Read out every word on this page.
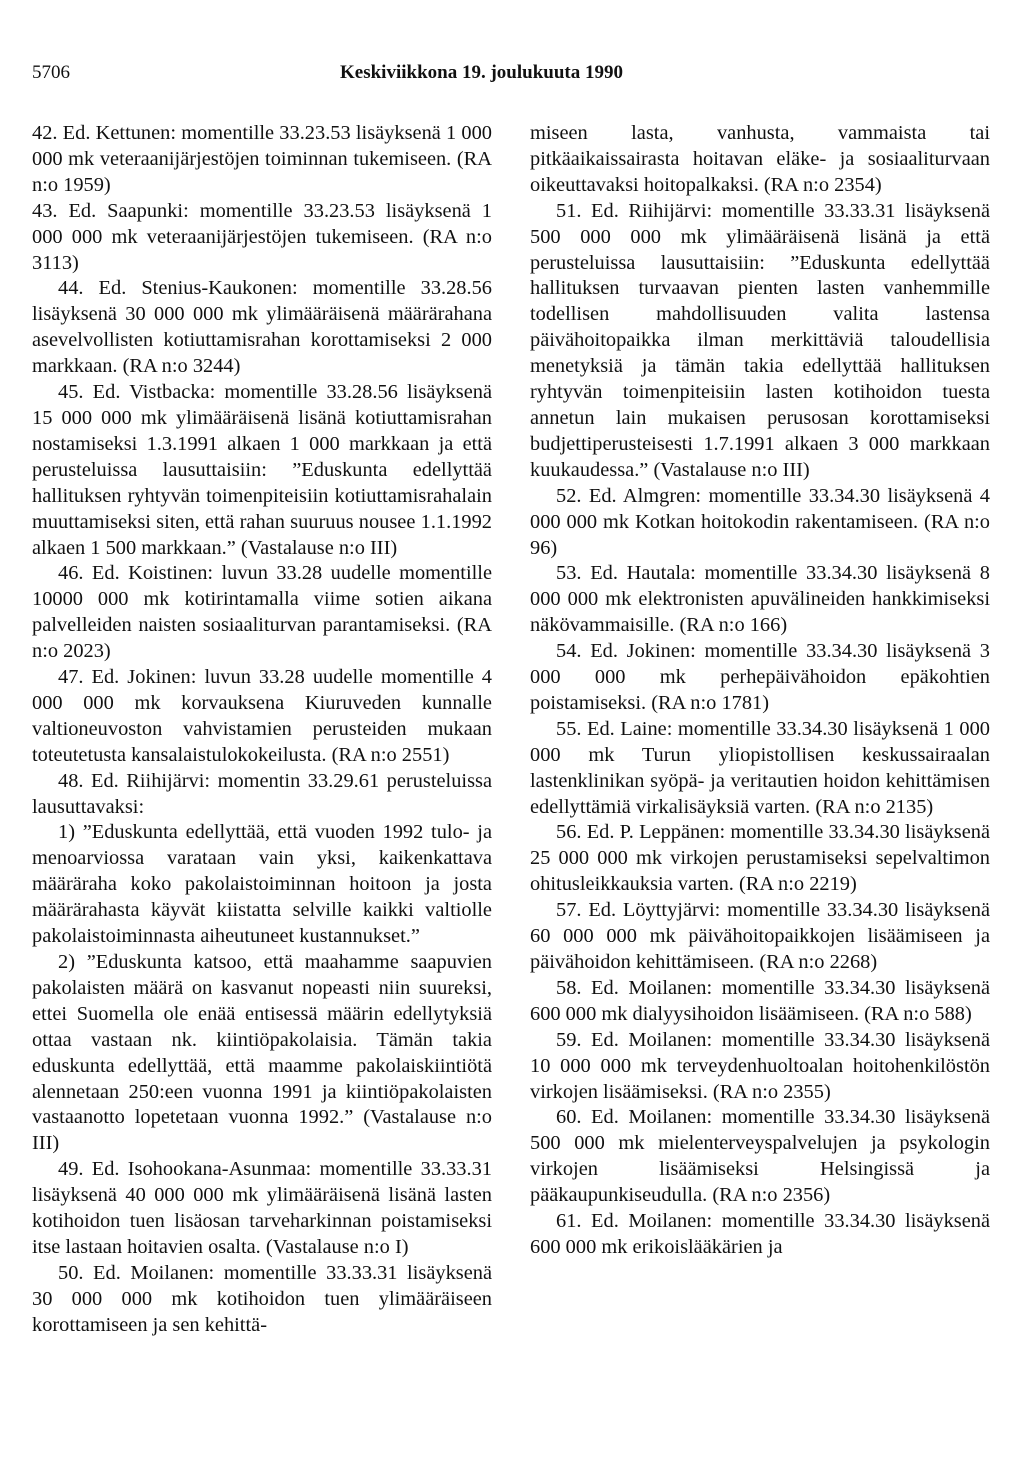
5706	Keskiviikkona 19. joulukuuta 1990

42. Ed. Kettunen: momentille 33.23.53 lisäyksenä 1 000 000 mk veteraanijärjestöjen toiminnan tukemiseen. (RA n:o 1959)

43. Ed. Saapunki: momentille 33.23.53 lisäyksenä 1 000 000 mk veteraanijärjestöjen tukemiseen. (RA n:o 3113)

44. Ed. Stenius-Kaukonen: momentille 33.28.56 lisäyksenä 30 000 000 mk ylimääräisenä määrärahana asevelvollisten kotiuttamisrahan korottamiseksi 2 000 markkaan. (RA n:o 3244)

45. Ed. Vistbacka: momentille 33.28.56 lisäyksenä 15 000 000 mk ylimääräisenä lisänä kotiuttamisrahan nostamiseksi 1.3.1991 alkaen 1 000 markkaan ja että perusteluissa lausuttaisiin: ”Eduskunta edellyttää hallituksen ryhtyvän toimenpiteisiin kotiuttamisrahalain muuttamiseksi siten, että rahan suuruus nousee 1.1.1992 alkaen 1 500 markkaan.” (Vastalause n:o III)

46. Ed. Koistinen: luvun 33.28 uudelle momentille 10000 000 mk kotirintamalla viime sotien aikana palvelleiden naisten sosiaaliturvan parantamiseksi. (RA n:o 2023)

47. Ed. Jokinen: luvun 33.28 uudelle momentille 4 000 000 mk korvauksena Kiuruveden kunnalle valtioneuvoston vahvistamien perusteiden mukaan toteutetusta kansalaistulokokeilusta. (RA n:o 2551)

48. Ed. Riihijärvi: momentin 33.29.61 perusteluissa lausuttavaksi:

1) ”Eduskunta edellyttää, että vuoden 1992 tulo- ja menoarviossa varataan vain yksi, kaikenkattava määräraha koko pakolaistoiminnan hoitoon ja josta määrärahasta käyvät kiistatta selville kaikki valtiolle pakolaistoiminnasta aiheutuneet kustannukset.”

2) ”Eduskunta katsoo, että maahamme saapuvien pakolaisten määrä on kasvanut nopeasti niin suureksi, ettei Suomella ole enää entisessä määrin edellytyksiä ottaa vastaan nk. kiintiöpakolaisia. Tämän takia eduskunta edellyttää, että maamme pakolaiskiintiötä alennetaan 250:een vuonna 1991 ja kiintiöpakolaisten vastaanotto lopetetaan vuonna 1992.” (Vastalause n:o III)

49. Ed. Isohookana-Asunmaa: momentille 33.33.31 lisäyksenä 40 000 000 mk ylimääräisenä lisänä lasten kotihoidon tuen lisäosan tarveharkinnan poistamiseksi itse lastaan hoitavien osalta. (Vastalause n:o I)

50. Ed. Moilanen: momentille 33.33.31 lisäyksenä 30 000 000 mk kotihoidon tuen ylimääräiseen korottamiseen ja sen kehittä-

miseen lasta, vanhusta, vammaista tai pitkäaikaissairasta hoitavan eläke- ja sosiaaliturvaan oikeuttavaksi hoitopalkaksi. (RA n:o 2354)

51. Ed. Riihijärvi: momentille 33.33.31 lisäyksenä 500 000 000 mk ylimääräisenä lisänä ja että perusteluissa lausuttaisiin: ”Eduskunta edellyttää hallituksen turvaavan pienten lasten vanhemmille todellisen mahdollisuuden valita lastensa päivähoitopaikka ilman merkittäviä taloudellisia menetyksiä ja tämän takia edellyttää hallituksen ryhtyvän toimenpiteisiin lasten kotihoidon tuesta annetun lain mukaisen perusosan korottamiseksi budjettiperusteisesti 1.7.1991 alkaen 3 000 markkaan kuukaudessa.” (Vastalause n:o III)

52. Ed. Almgren: momentille 33.34.30 lisäyksenä 4 000 000 mk Kotkan hoitokodin rakentamiseen. (RA n:o 96)

53. Ed. Hautala: momentille 33.34.30 lisäyksenä 8 000 000 mk elektronisten apuvälineiden hankkimiseksi näkövammaisille. (RA n:o 166)

54. Ed. Jokinen: momentille 33.34.30 lisäyksenä 3 000 000 mk perhepäivähoidon epäkohtien poistamiseksi. (RA n:o 1781)

55. Ed. Laine: momentille 33.34.30 lisäyksenä 1 000 000 mk Turun yliopistollisen keskussairaalan lastenklinikan syöpä- ja veritautien hoidon kehittämisen edellyttämiä virkalisäyksiä varten. (RA n:o 2135)

56. Ed. P. Leppänen: momentille 33.34.30 lisäyksenä 25 000 000 mk virkojen perustamiseksi sepelvaltimon ohitusleikkauksia varten. (RA n:o 2219)

57. Ed. Löyttyjärvi: momentille 33.34.30 lisäyksenä 60 000 000 mk päivähoitopaikkojen lisäämiseen ja päivähoidon kehittämiseen. (RA n:o 2268)

58. Ed. Moilanen: momentille 33.34.30 lisäyksenä 600 000 mk dialyysihoidon lisäämiseen. (RA n:o 588)

59. Ed. Moilanen: momentille 33.34.30 lisäyksenä 10 000 000 mk terveydenhuoltoalan hoitohenkilöstön virkojen lisäämiseksi. (RA n:o 2355)

60. Ed. Moilanen: momentille 33.34.30 lisäyksenä 500 000 mk mielenterveyspalvelujen ja psykologin virkojen lisäämiseksi Helsingissä ja pääkaupunkiseudulla. (RA n:o 2356)

61. Ed. Moilanen: momentille 33.34.30 lisäyksenä 600 000 mk erikoislääkärien ja
